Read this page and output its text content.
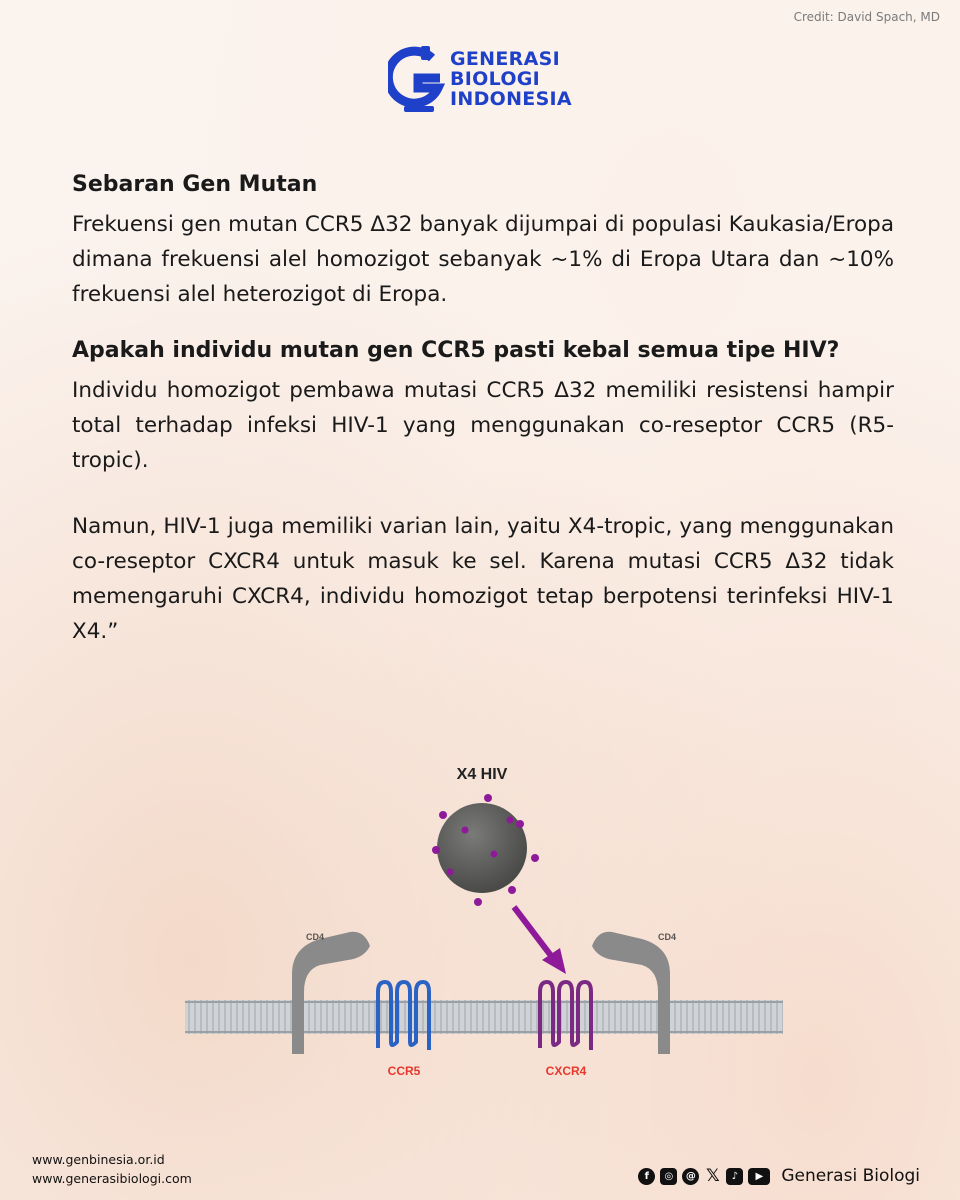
Credit: David Spach, MD
GENERASI
BIOLOGI
INDONESIA
Sebaran Gen Mutan

Frekuensi gen mutan CCR5 Δ32 banyak dijumpai di populasi Kaukasia/Eropa dimana frekuensi alel homozigot sebanyak ~1% di Eropa Utara dan ~10% frekuensi alel heterozigot di Eropa.

Apakah individu mutan gen CCR5 pasti kebal semua tipe HIV?

Individu homozigot pembawa mutasi CCR5 Δ32 memiliki resistensi hampir total terhadap infeksi HIV-1 yang menggunakan co-reseptor CCR5 (R5-tropic).

Namun, HIV-1 juga memiliki varian lain, yaitu X4-tropic, yang menggunakan co-reseptor CXCR4 untuk masuk ke sel. Karena mutasi CCR5 Δ32 tidak memengaruhi CXCR4, individu homozigot tetap berpotensi terinfeksi HIV-1 X4.”

X4 HIV
CD4	CD4
CCR5	CXCR4
www.genbinesia.or.id
www.generasibiologi.com	f	◎	@ 𝕏	♪	▶	Generasi Biologi
